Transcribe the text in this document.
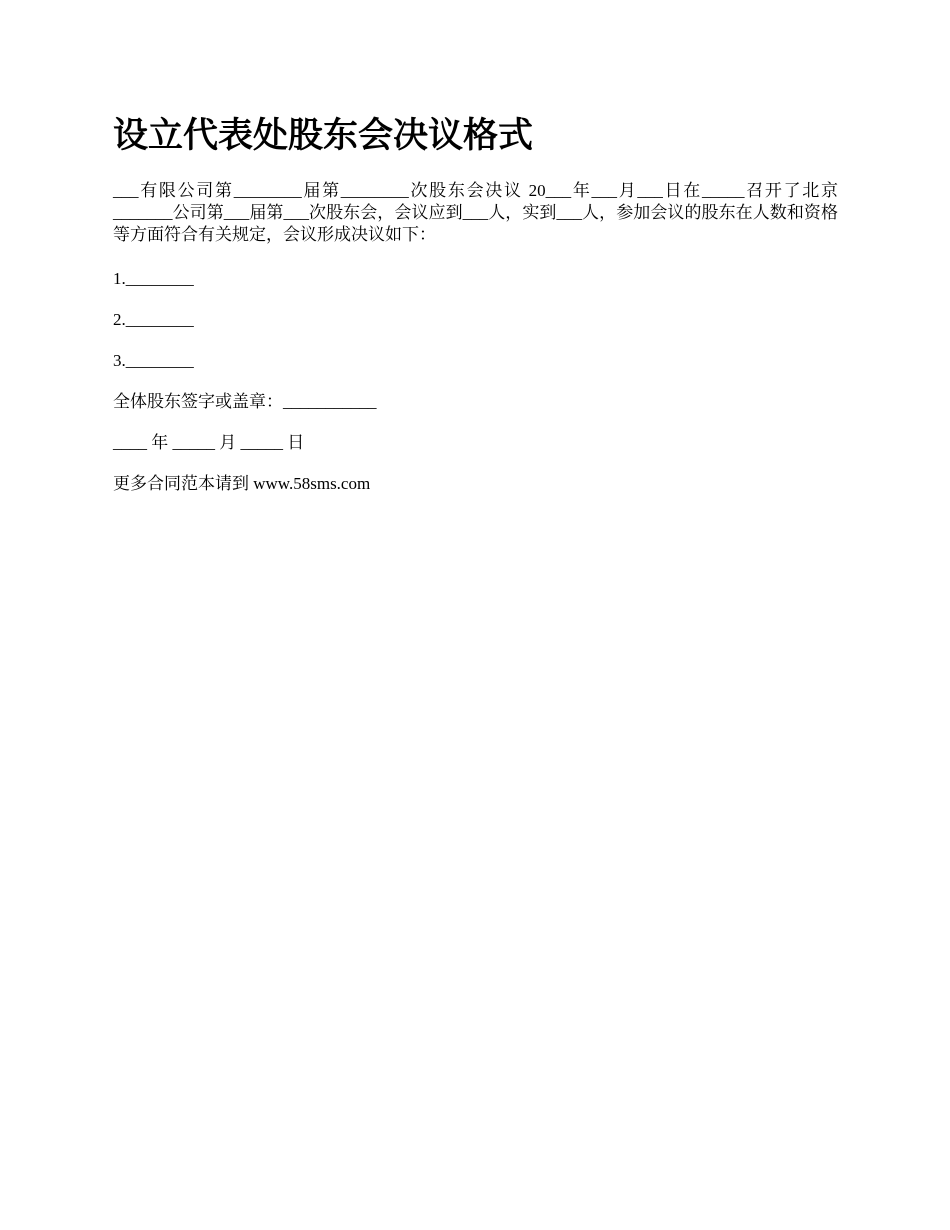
设立代表处股东会决议格式

___有限公司第________届第________次股东会决议 20___年___月___日在_____召开了北京_______公司第___届第___次股东会，会议应到___人，实到___人，参加会议的股东在人数和资格等方面符合有关规定，会议形成决议如下：

1.________

2.________

3.________

全体股东签字或盖章：___________

____ 年 _____ 月 _____ 日

更多合同范本请到 www.58sms.com
